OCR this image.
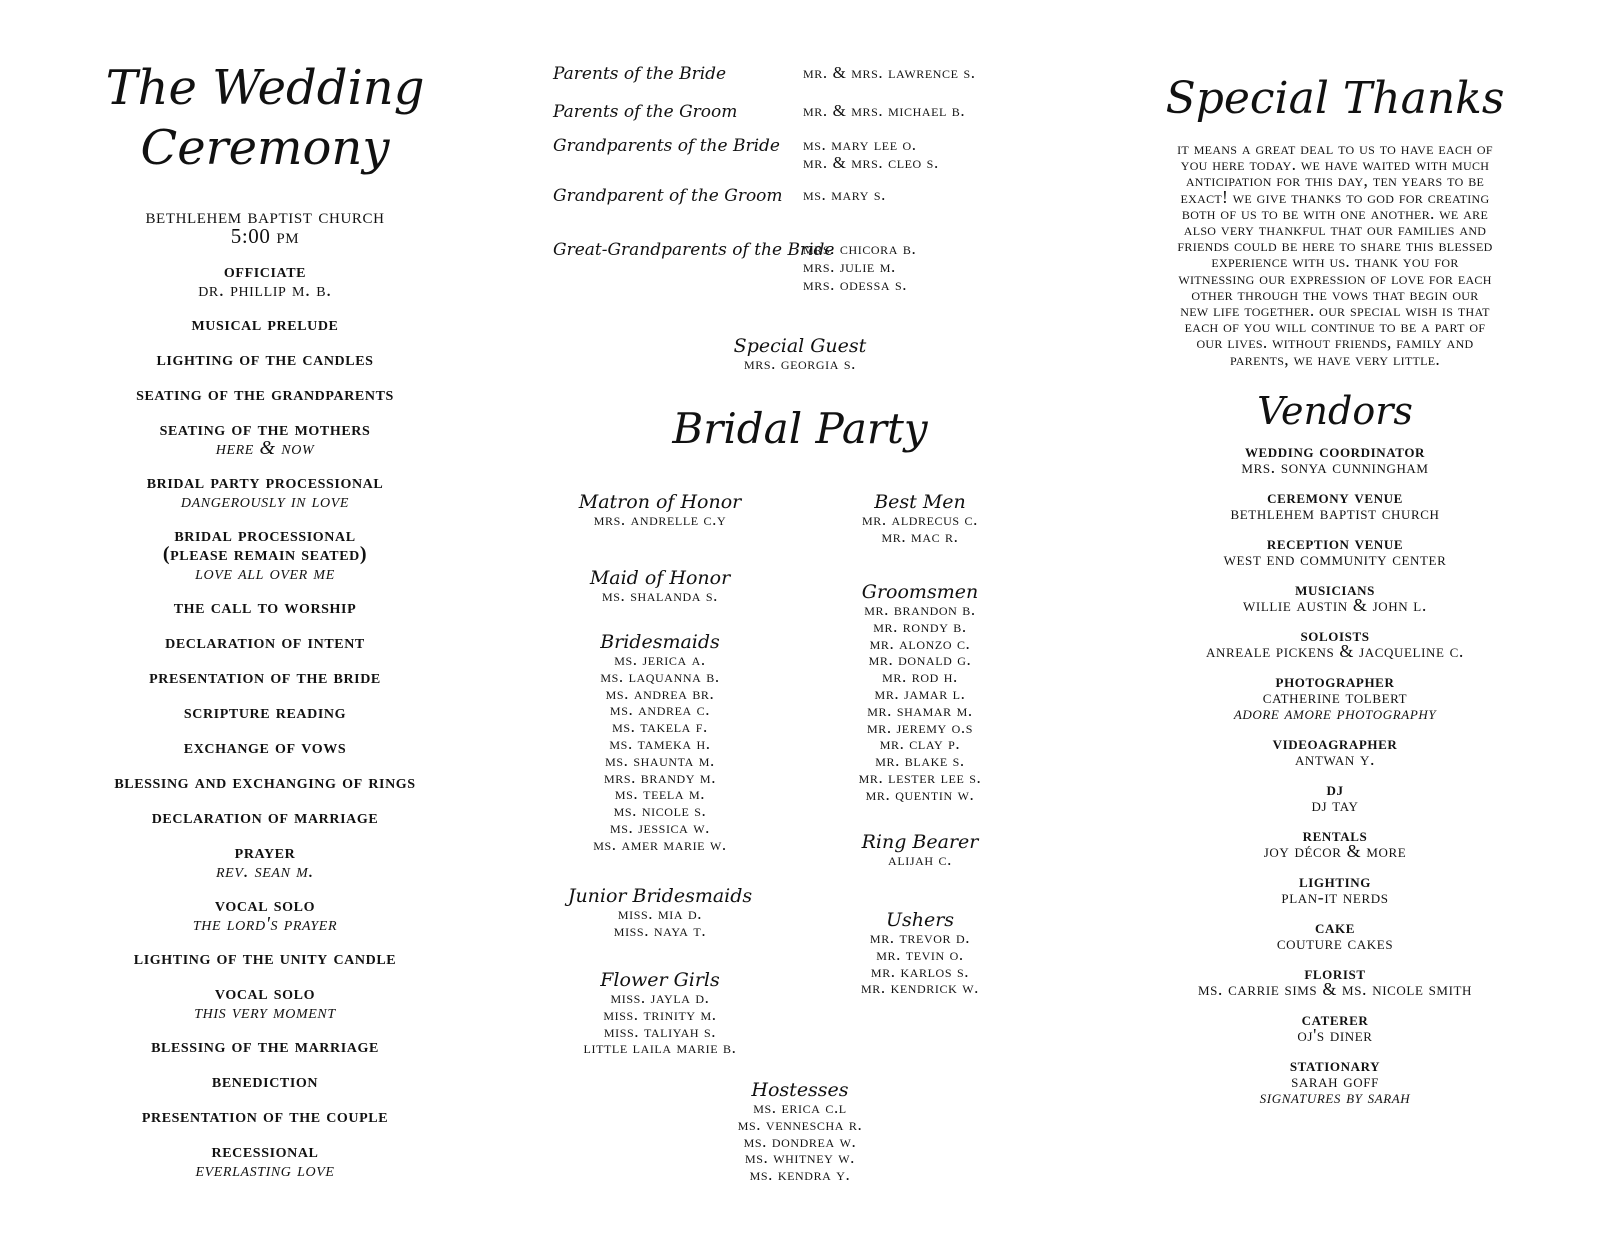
The Wedding Ceremony
bethlehem baptist church
5:00 pm
officiate
dr. phillip m. b.
musical prelude
lighting of the candles
seating of the grandparents
seating of the mothers
here & now
bridal party processional
dangerously in love
bridal processional
(please remain seated)
love all over me
the call to worship
declaration of intent
presentation of the bride
scripture reading
exchange of vows
blessing and exchanging of rings
declaration of marriage
prayer
rev. sean m.
vocal solo
the lord's prayer
lighting of the unity candle
vocal solo
this very moment
blessing of the marriage
benediction
presentation of the couple
recessional
everlasting love
Parents of the Bride	mr. & mrs. lawrence s.
Parents of the Groom	mr. & mrs. michael b.
Grandparents of the Bride ms. mary lee o.
mr. & mrs. cleo s.
Grandparent of the Groom ms. mary s.
Great-Grandparents of the Bride
mrs. chicora b.
mrs. julie m.
mrs. odessa s.
Special Guest
mrs. georgia s.
Bridal Party
Matron of Honor
mrs. andrelle c.y
Maid of Honor
ms. shalanda s.
Bridesmaids
ms. jerica a.
ms. laquanna b.
ms. andrea br.
ms. andrea c.
ms. takela f.
ms. tameka h.
ms. shaunta m.
mrs. brandy m.
ms. teela m.
ms. nicole s.
ms. jessica w.
ms. amer marie w.
Junior Bridesmaids
miss. mia d.
miss. naya t.
Flower Girls
miss. jayla d.
miss. trinity m.
miss. taliyah s.
little laila marie b.
Best Men
mr. aldrecus c.
mr. mac r.
Groomsmen
mr. brandon b.
mr. rondy b.
mr. alonzo c.
mr. donald g.
mr. rod h.
mr. jamar l.
mr. shamar m.
mr. jeremy o.s
mr. clay p.
mr. blake s.
mr. lester lee s.
mr. quentin w.
Ring Bearer
alijah c.
Ushers
mr. trevor d.
mr. tevin o.
mr. karlos s.
mr. kendrick w.
Hostesses
ms. erica c.l
ms. vennescha r.
ms. dondrea w.
ms. whitney w.
ms. kendra y.
Special Thanks
it means a great deal to us to have each of
you here today. we have waited with much
anticipation for this day, ten years to be
exact! we give thanks to god for creating
both of us to be with one another. we are
also very thankful that our families and
friends could be here to share this blessed
experience with us. thank you for
witnessing our expression of love for each
other through the vows that begin our
new life together. our special wish is that
each of you will continue to be a part of
our lives. without friends, family and
parents, we have very little.
Vendors
wedding coordinator
mrs. sonya cunningham
ceremony venue
bethlehem baptist church
reception venue
west end community center
musicians
willie austin & john l.
soloists
anreale pickens & jacqueline c.
photographer
catherine tolbert
adore amore photography
videoagrapher
antwan y.
dj
dj tay
rentals
joy décor & more
lighting
plan-it nerds
cake
couture cakes
florist
ms. carrie sims & ms. nicole smith
caterer
oj's diner
stationary
sarah goff
signatures by sarah
